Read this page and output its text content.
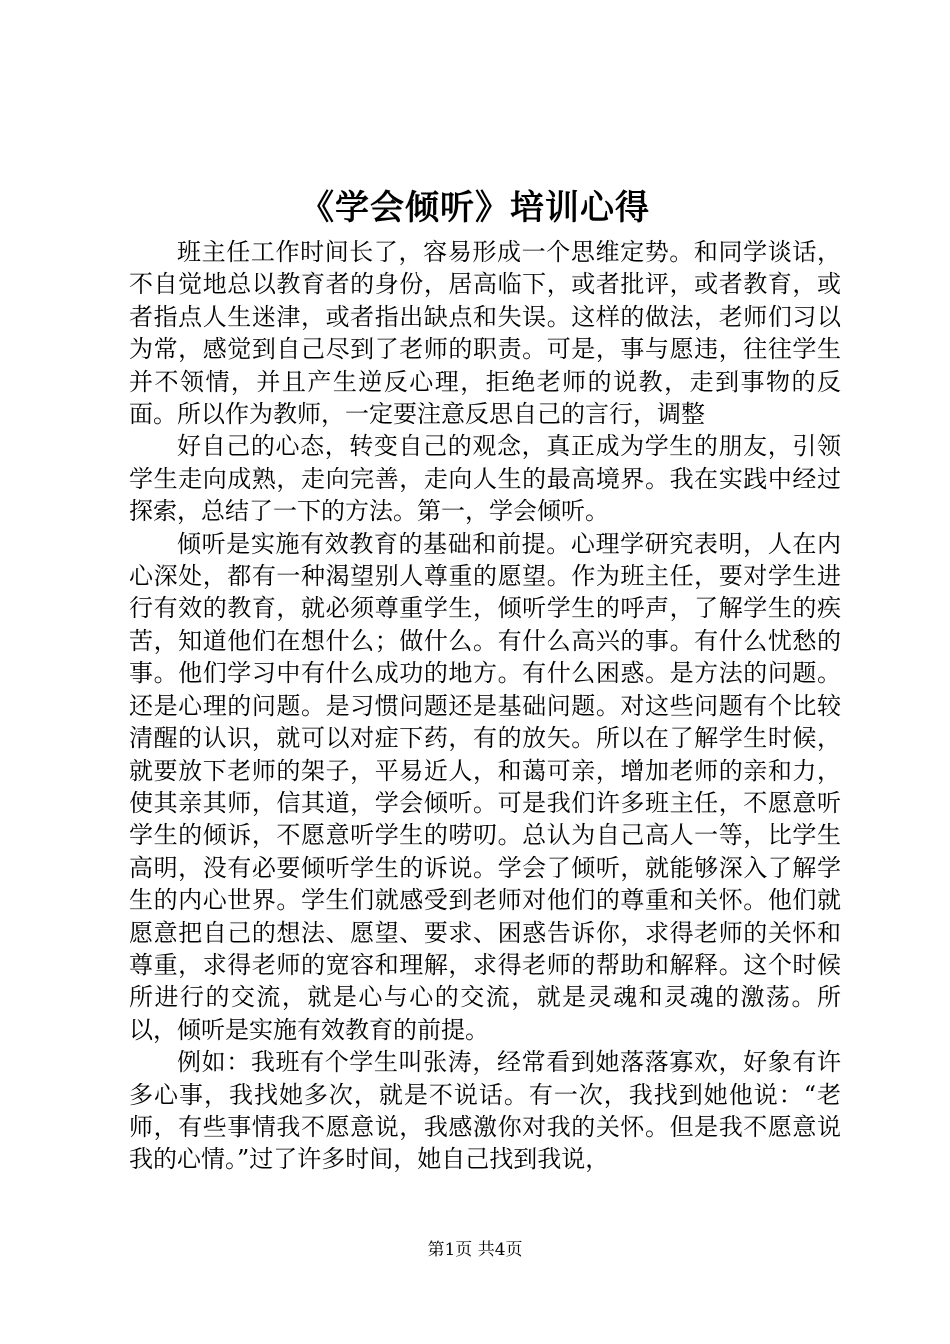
《学会倾听》培训心得

班主任工作时间长了，容易形成一个思维定势。和同学谈话，不自觉地总以教育者的身份，居高临下，或者批评，或者教育，或者指点人生迷津，或者指出缺点和失误。这样的做法，老师们习以为常，感觉到自己尽到了老师的职责。可是，事与愿违，往往学生并不领情，并且产生逆反心理，拒绝老师的说教，走到事物的反面。所以作为教师，一定要注意反思自己的言行，调整

好自己的心态，转变自己的观念，真正成为学生的朋友，引领学生走向成熟，走向完善，走向人生的最高境界。我在实践中经过探索，总结了一下的方法。第一，学会倾听。

倾听是实施有效教育的基础和前提。心理学研究表明，人在内心深处，都有一种渴望别人尊重的愿望。作为班主任，要对学生进行有效的教育，就必须尊重学生，倾听学生的呼声，了解学生的疾苦，知道他们在想什么；做什么。有什么高兴的事。有什么忧愁的事。他们学习中有什么成功的地方。有什么困惑。是方法的问题。还是心理的问题。是习惯问题还是基础问题。对这些问题有个比较清醒的认识，就可以对症下药，有的放矢。所以在了解学生时候，就要放下老师的架子，平易近人，和蔼可亲，增加老师的亲和力，使其亲其师，信其道，学会倾听。可是我们许多班主任，不愿意听学生的倾诉，不愿意听学生的唠叨。总认为自己高人一等，比学生高明，没有必要倾听学生的诉说。学会了倾听，就能够深入了解学生的内心世界。学生们就感受到老师对他们的尊重和关怀。他们就愿意把自己的想法、愿望、要求、困惑告诉你，求得老师的关怀和尊重，求得老师的宽容和理解，求得老师的帮助和解释。这个时候所进行的交流，就是心与心的交流，就是灵魂和灵魂的激荡。所以，倾听是实施有效教育的前提。

例如：我班有个学生叫张涛，经常看到她落落寡欢，好象有许多心事，我找她多次，就是不说话。有一次，我找到她他说：“老师，有些事情我不愿意说，我感激你对我的关怀。但是我不愿意说我的心情。”过了许多时间，她自己找到我说，

第1页 共4页
